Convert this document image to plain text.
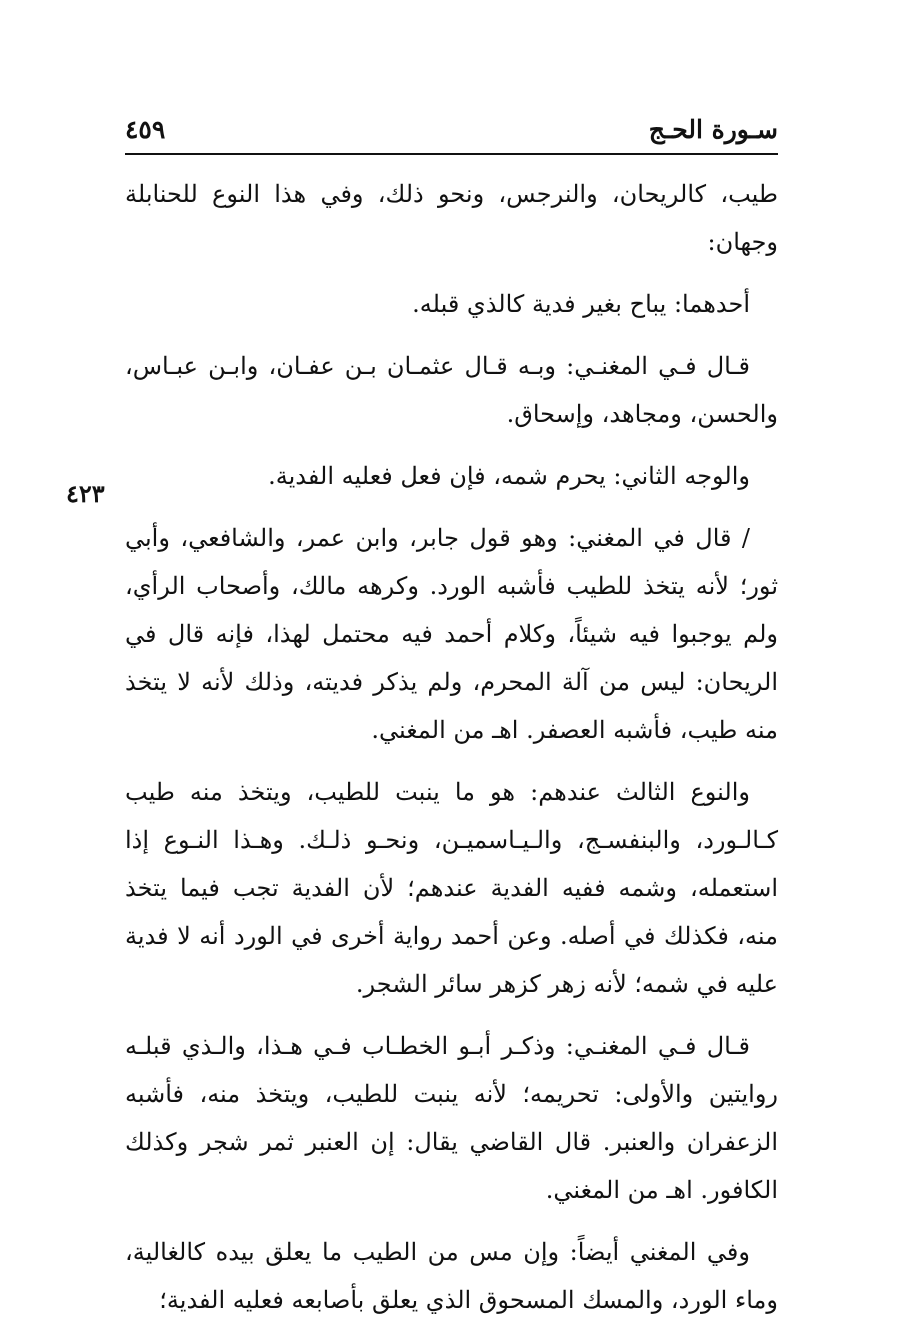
سـورة الحـج
٤٥٩
٤٢٣

طيب، كالريحان، والنرجس، ونحو ذلك، وفي هذا النوع للحنابلة وجهان:

أحدهما: يباح بغير فدية كالذي قبله.

قـال فـي المغنـي: وبـه قـال عثمـان بـن عفـان، وابـن عبـاس، والحسن، ومجاهد، وإسحاق.

والوجه الثاني: يحرم شمه، فإن فعل فعليه الفدية.

/ قال في المغني: وهو قول جابر، وابن عمر، والشافعي، وأبي ثور؛ لأنه يتخذ للطيب فأشبه الورد. وكرهه مالك، وأصحاب الرأي، ولم يوجبوا فيه شيئاً، وكلام أحمد فيه محتمل لهذا، فإنه قال في الريحان: ليس من آلة المحرم، ولم يذكر فديته، وذلك لأنه لا يتخذ منه طيب، فأشبه العصفر. اهـ من المغني.

والنوع الثالث عندهم: هو ما ينبت للطيب، ويتخذ منه طيب كـالـورد، والبنفسـج، والـيـاسميـن، ونحـو ذلـك. وهـذا النـوع إذا استعمله، وشمه ففيه الفدية عندهم؛ لأن الفدية تجب فيما يتخذ منه، فكذلك في أصله. وعن أحمد رواية أخرى في الورد أنه لا فدية عليه في شمه؛ لأنه زهر كزهر سائر الشجر.

قـال فـي المغنـي: وذكـر أبـو الخطـاب فـي هـذا، والـذي قبلـه روايتين والأولى: تحريمه؛ لأنه ينبت للطيب، ويتخذ منه، فأشبه الزعفران والعنبر. قال القاضي يقال: إن العنبر ثمر شجر وكذلك الكافور. اهـ من المغني.

وفي المغني أيضاً: وإن مس من الطيب ما يعلق بيده كالغالية، وماء الورد، والمسك المسحوق الذي يعلق بأصابعه فعليه الفدية؛
